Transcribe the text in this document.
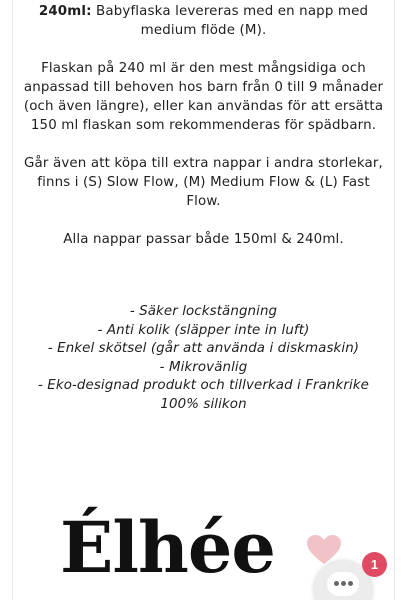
240ml: Babyflaska levereras med en napp med medium flöde (M).

Flaskan på 240 ml är den mest mångsidiga och anpassad till behoven hos barn från 0 till 9 månader (och även längre), eller kan användas för att ersätta 150 ml flaskan som rekommenderas för spädbarn.

Går även att köpa till extra nappar i andra storlekar, finns i (S) Slow Flow, (M) Medium Flow & (L) Fast Flow.

Alla nappar passar både 150ml & 240ml.

- Säker lockstängning
- Anti kolik (släpper inte in luft)
- Enkel skötsel (går att använda i diskmaskin)
- Mikrovänlig
- Eko-designad produkt och tillverkad i Frankrike
100% silikon
Élhée	1
